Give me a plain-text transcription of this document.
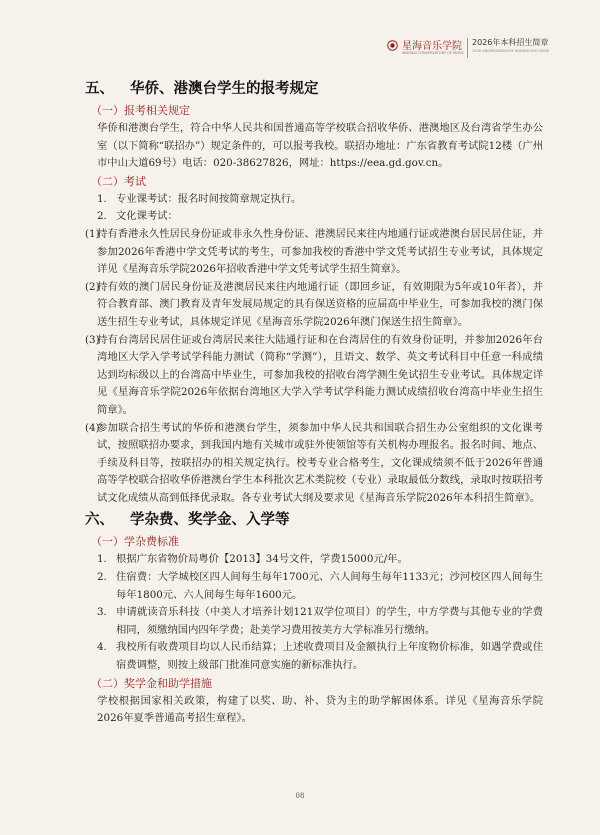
星海音乐学院
XINGHAI CONSERVATORY OF MUSIC
2026年本科招生简章
2026 UNDERGRADUATE ADMISSIONS GUIDE
五、 华侨、港澳台学生的报考规定
（一）报考相关规定

华侨和港澳台学生，符合中华人民共和国普通高等学校联合招收华侨、港澳地区及台湾省学生办公室（以下简称“联招办”）规定条件的，可以报考我校。联招办地址：广东省教育考试院12楼（广州市中山大道69号）电话：020-38627826，网址：https://eea.gd.gov.cn。

（二）考试
1. 专业课考试：报名时间按简章规定执行。
2. 文化课考试：
(1)
持有香港永久性居民身份证或非永久性身份证、港澳居民来往内地通行证或港澳台居民居住证，并参加2026年香港中学文凭考试的考生，可参加我校的香港中学文凭考试招生专业考试，具体规定详见《星海音乐学院2026年招收香港中学文凭考试学生招生简章》。
(2)
持有效的澳门居民身份证及港澳居民来往内地通行证（即回乡证，有效期限为5年或10年者），并符合教育部、澳门教育及青年发展局规定的具有保送资格的应届高中毕业生，可参加我校的澳门保送生招生专业考试，具体规定详见《星海音乐学院2026年澳门保送生招生简章》。
(3)
持有台湾居民居住证或台湾居民来往大陆通行证和在台湾居住的有效身份证明，并参加2026年台湾地区大学入学考试学科能力测试（简称“学测”），且语文、数学、英文考试科目中任意一科成绩达到均标级以上的台湾高中毕业生，可参加我校的招收台湾学测生免试招生专业考试。具体规定详见《星海音乐学院2026年依据台湾地区大学入学考试学科能力测试成绩招收台湾高中毕业生招生简章》。
(4)
参加联合招生考试的华侨和港澳台学生，须参加中华人民共和国联合招生办公室组织的文化课考试，按照联招办要求，到我国内地有关城市或驻外使领馆等有关机构办理报名。报名时间、地点、手续及科目等，按联招办的相关规定执行。校考专业合格考生，文化课成绩须不低于2026年普通高等学校联合招收华侨港澳台学生本科批次艺术类院校（专业）录取最低分数线，录取时按联招考试文化成绩从高到低择优录取。各专业考试大纲及要求见《星海音乐学院2026年本科招生简章》。
六、 学杂费、奖学金、入学等
（一）学杂费标准
1. 根据广东省物价局粤价【2013】34号文件，学费15000元/年。
2. 住宿费：大学城校区四人间每生每年1700元、六人间每生每年1133元；沙河校区四人间每生每年1800元、六人间每生每年1600元。
3. 申请就读音乐科技（中美人才培养计划121双学位项目）的学生，中方学费与其他专业的学费相同，须缴纳国内四年学费；赴美学习费用按美方大学标准另行缴纳。
4. 我校所有收费项目均以人民币结算；上述收费项目及金额执行上年度物价标准，如遇学费或住宿费调整，则按上级部门批准同意实施的新标准执行。
（二）奖学金和助学措施

学校根据国家相关政策，构建了以奖、助、补、贷为主的助学解困体系。详见《星海音乐学院2026年夏季普通高考招生章程》。

08
